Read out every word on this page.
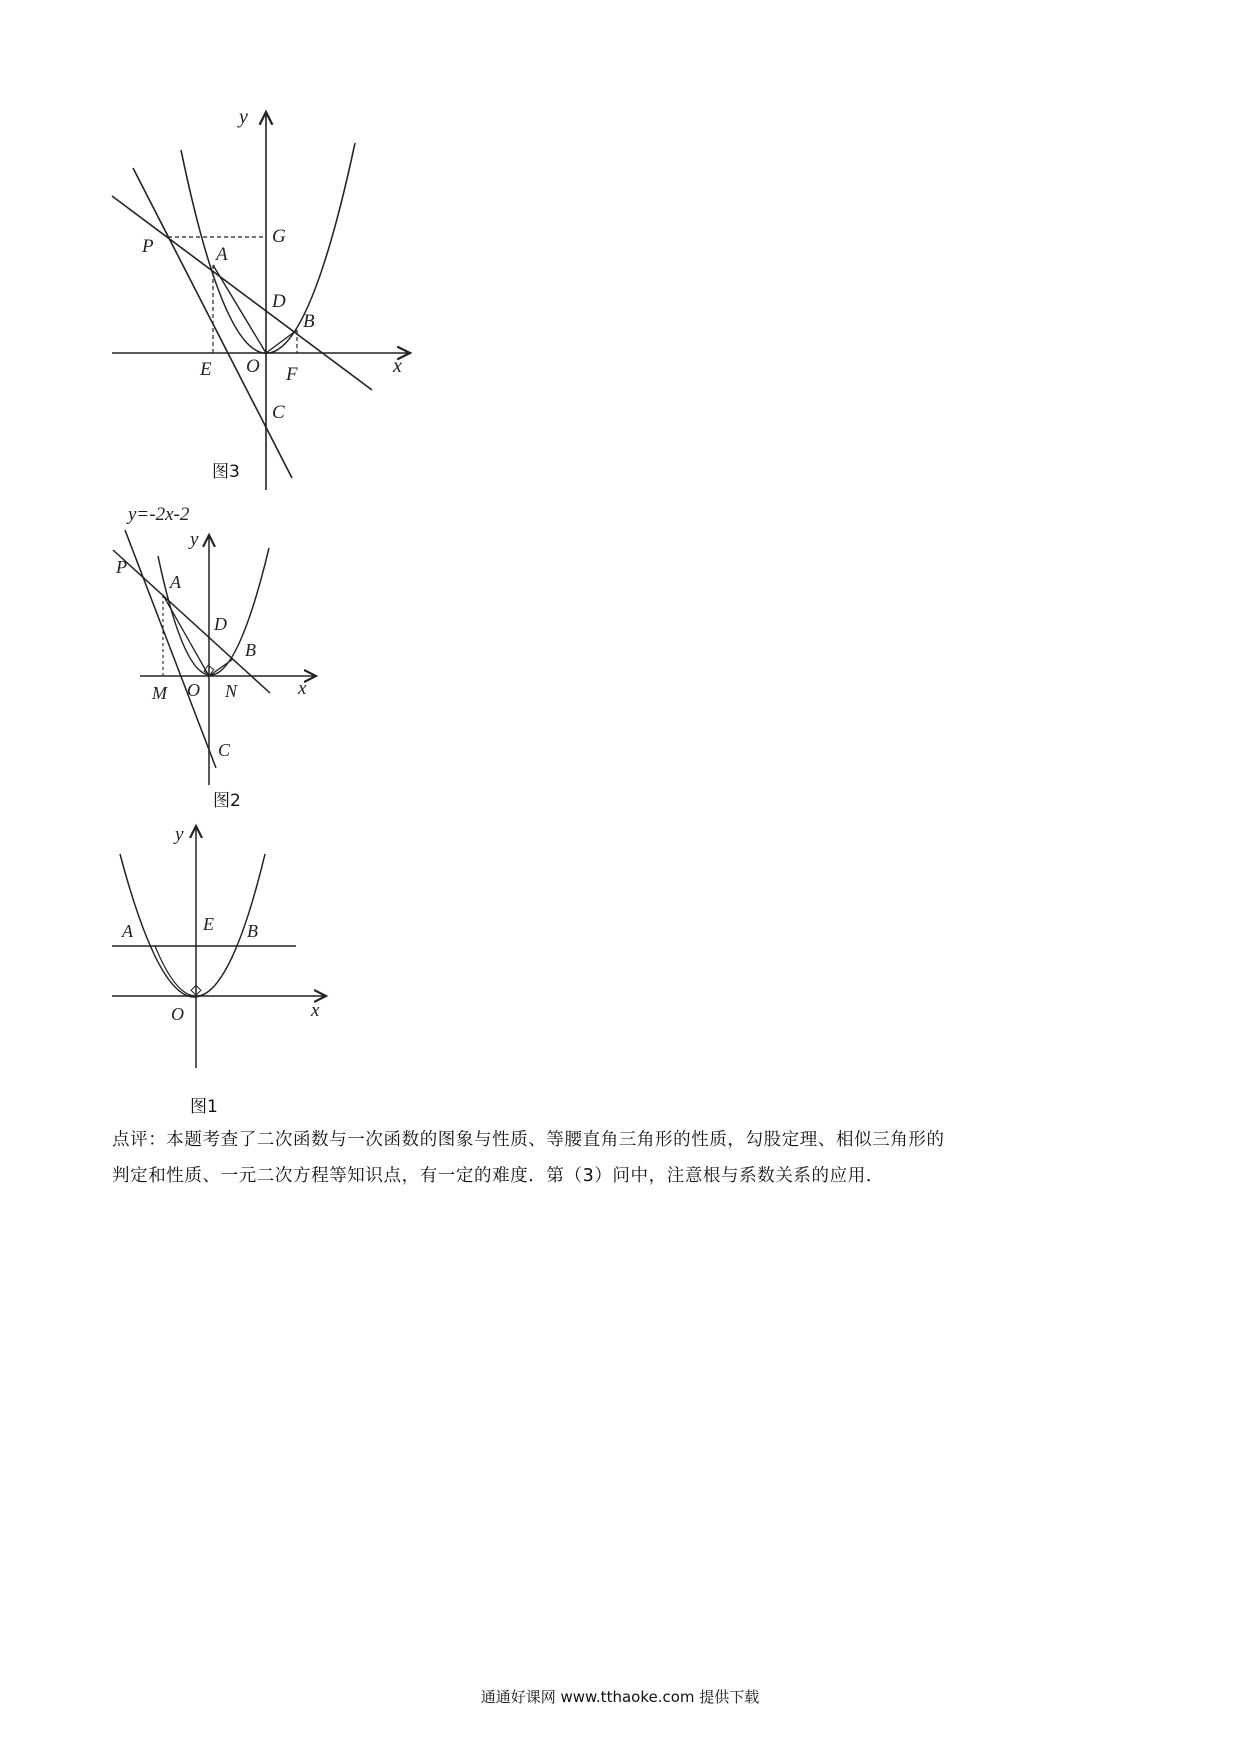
y
x
P	G
A
D
B
E O F
C
图3
y=-2x-2
y
x
P
A
D
B
M O N
C
图2
y
x
A	E B
O
图1
点评：本题考查了二次函数与一次函数的图象与性质、等腰直角三角形的性质，勾股定理、相似三角形的
判定和性质、一元二次方程等知识点，有一定的难度．第（3）问中，注意根与系数关系的应用．
通通好课网 www.tthaoke.com 提供下载
